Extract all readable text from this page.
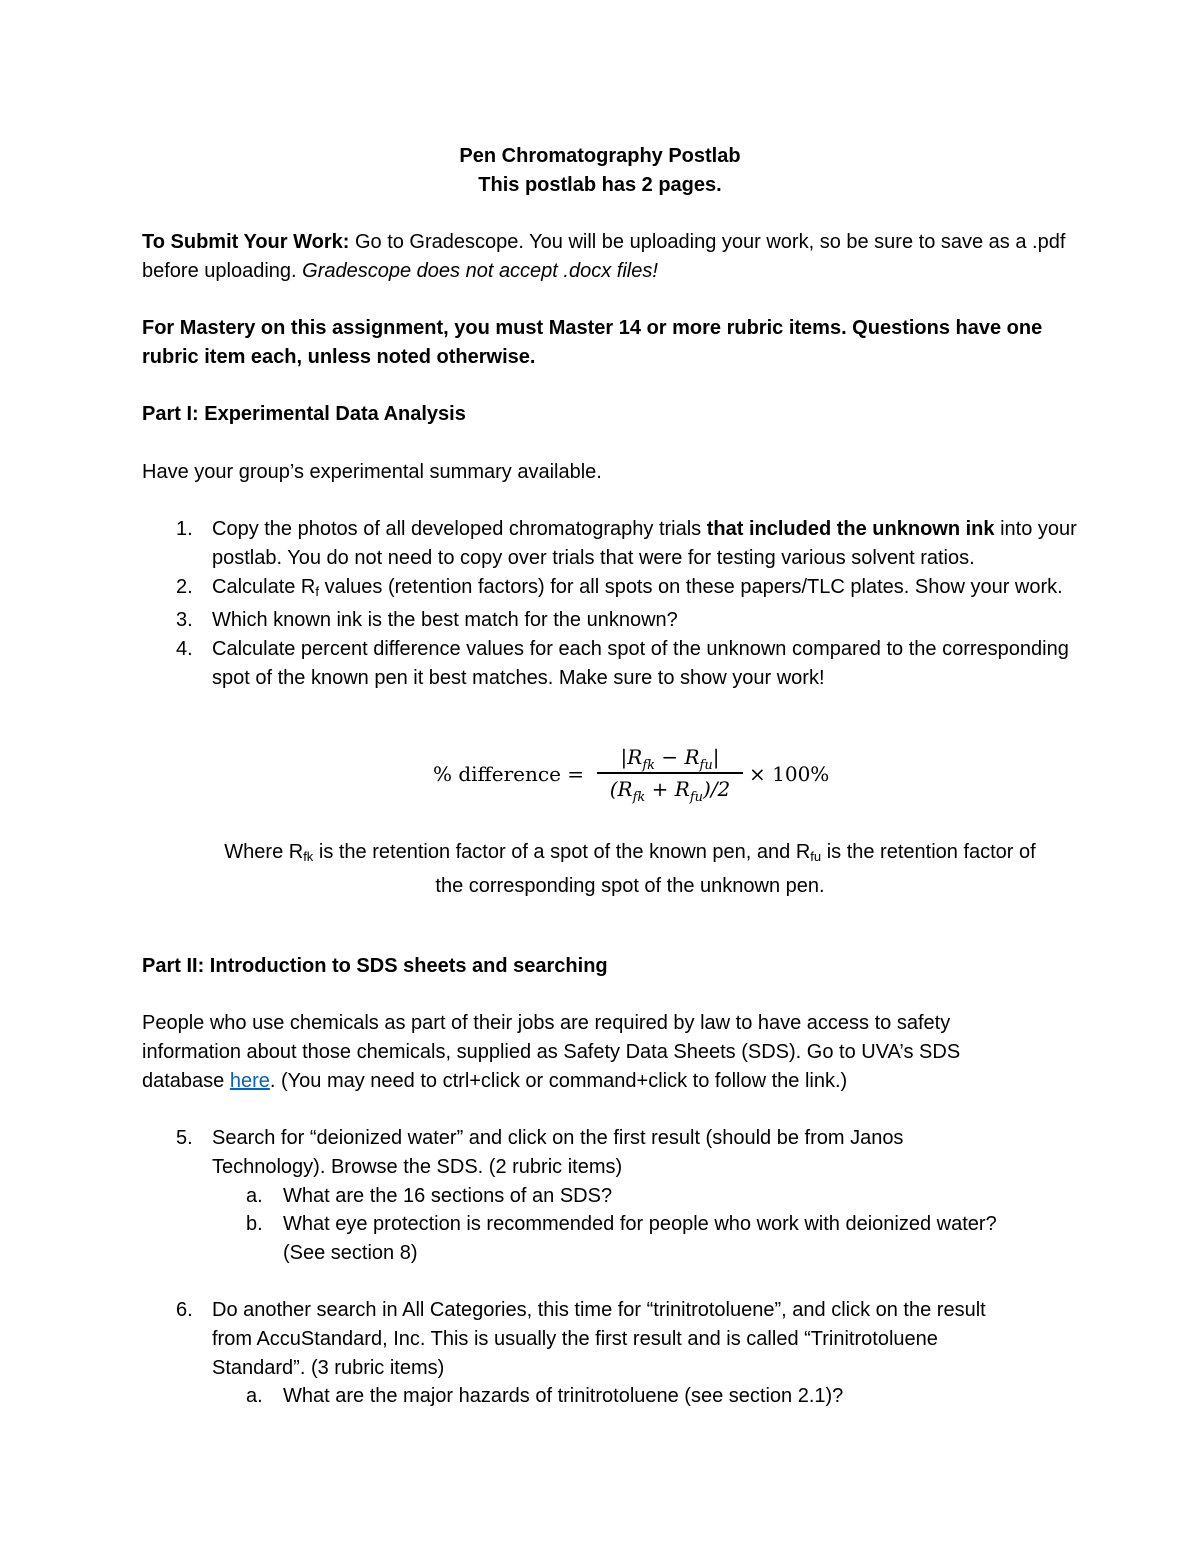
Pen Chromatography Postlab
This postlab has 2 pages.

To Submit Your Work: Go to Gradescope. You will be uploading your work, so be sure to save as a .pdf before uploading. Gradescope does not accept .docx files!

For Mastery on this assignment, you must Master 14 or more rubric items. Questions have one rubric item each, unless noted otherwise.

Part I: Experimental Data Analysis
Have your group’s experimental summary available.
1. Copy the photos of all developed chromatography trials that included the unknown ink into your postlab. You do not need to copy over trials that were for testing various solvent ratios.
2. Calculate Rf values (retention factors) for all spots on these papers/TLC plates. Show your work.
3. Which known ink is the best match for the unknown?
4. Calculate percent difference values for each spot of the unknown compared to the corresponding spot of the known pen it best matches. Make sure to show your work!
% difference =
$|R_{fk} - R_{fu}|$
$(R_{fk} + R_{fu})/2$
× 100%
Where Rfk is the retention factor of a spot of the known pen, and Rfu is the retention factor of the corresponding spot of the unknown pen.
Part II: Introduction to SDS sheets and searching

People who use chemicals as part of their jobs are required by law to have access to safety information about those chemicals, supplied as Safety Data Sheets (SDS). Go to UVA’s SDS database here. (You may need to ctrl+click or command+click to follow the link.)

5. Search for “deionized water” and click on the first result (should be from Janos Technology). Browse the SDS. (2 rubric items)
a. What are the 16 sections of an SDS?
b. What eye protection is recommended for people who work with deionized water? (See section 8)
6. Do another search in All Categories, this time for “trinitrotoluene”, and click on the result from AccuStandard, Inc. This is usually the first result and is called “Trinitrotoluene Standard”. (3 rubric items)
a. What are the major hazards of trinitrotoluene (see section 2.1)?
